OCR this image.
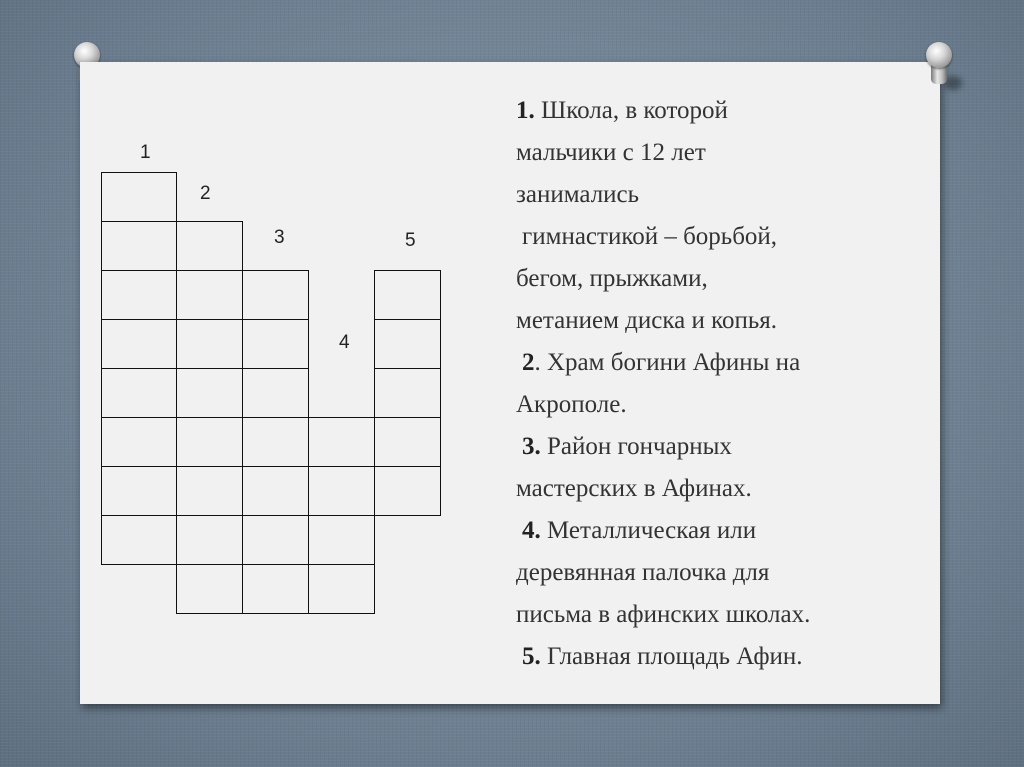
1
2
3
4
5

1. Школа, в которой
мальчики с 12 лет
занимались
гимнастикой – борьбой,
бегом, прыжками,
метанием диска и копья.

2. Храм богини Афины на
Акрополе.

3. Район гончарных
мастерских в Афинах.

4. Металлическая или
деревянная палочка для
письма в афинских школах.

5. Главная площадь Афин.
